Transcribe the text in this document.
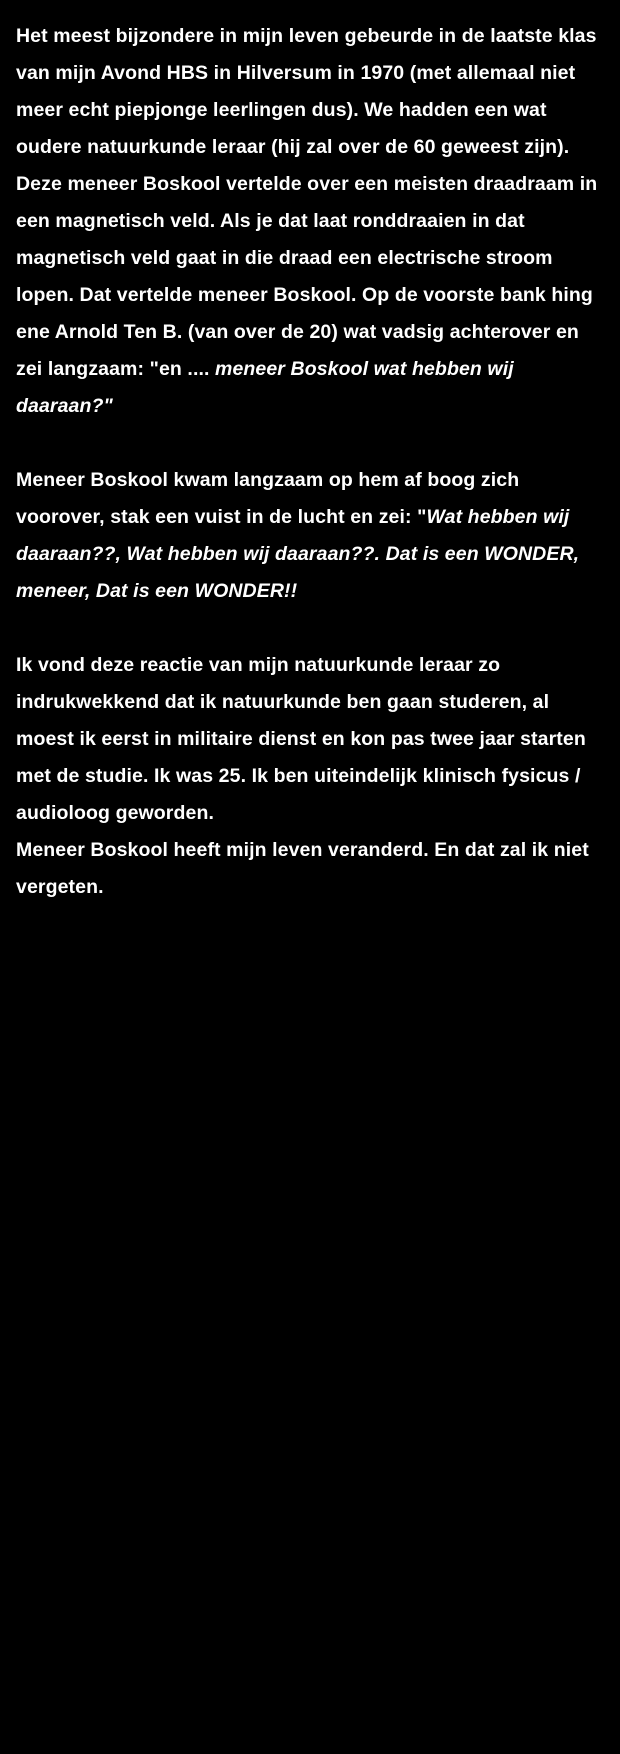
Het meest bijzondere in mijn leven gebeurde in de laatste klas van mijn Avond HBS in Hilversum in 1970 (met allemaal niet meer echt piepjonge leerlingen dus). We hadden een wat oudere natuurkunde leraar (hij zal over de 60 geweest zijn). Deze meneer Boskool vertelde over een meisten draadraam in een magnetisch veld. Als je dat laat ronddraaien in dat magnetisch veld gaat in die draad een electrische stroom lopen. Dat vertelde meneer Boskool. Op de voorste bank hing ene Arnold Ten B. (van over de 20) wat vadsig achterover en zei langzaam: "en .... meneer Boskool wat hebben wij daaraan?"

Meneer Boskool kwam langzaam op hem af boog zich voorover, stak een vuist in de lucht en zei: "Wat hebben wij daaraan??, Wat hebben wij daaraan??. Dat is een WONDER, meneer, Dat is een WONDER!!

Ik vond deze reactie van mijn natuurkunde leraar zo indrukwekkend dat ik natuurkunde ben gaan studeren, al moest ik eerst in militaire dienst en kon pas twee jaar starten met de studie. Ik was 25. Ik ben uiteindelijk klinisch fysicus / audioloog geworden.

Meneer Boskool heeft mijn leven veranderd. En dat zal ik niet vergeten.
